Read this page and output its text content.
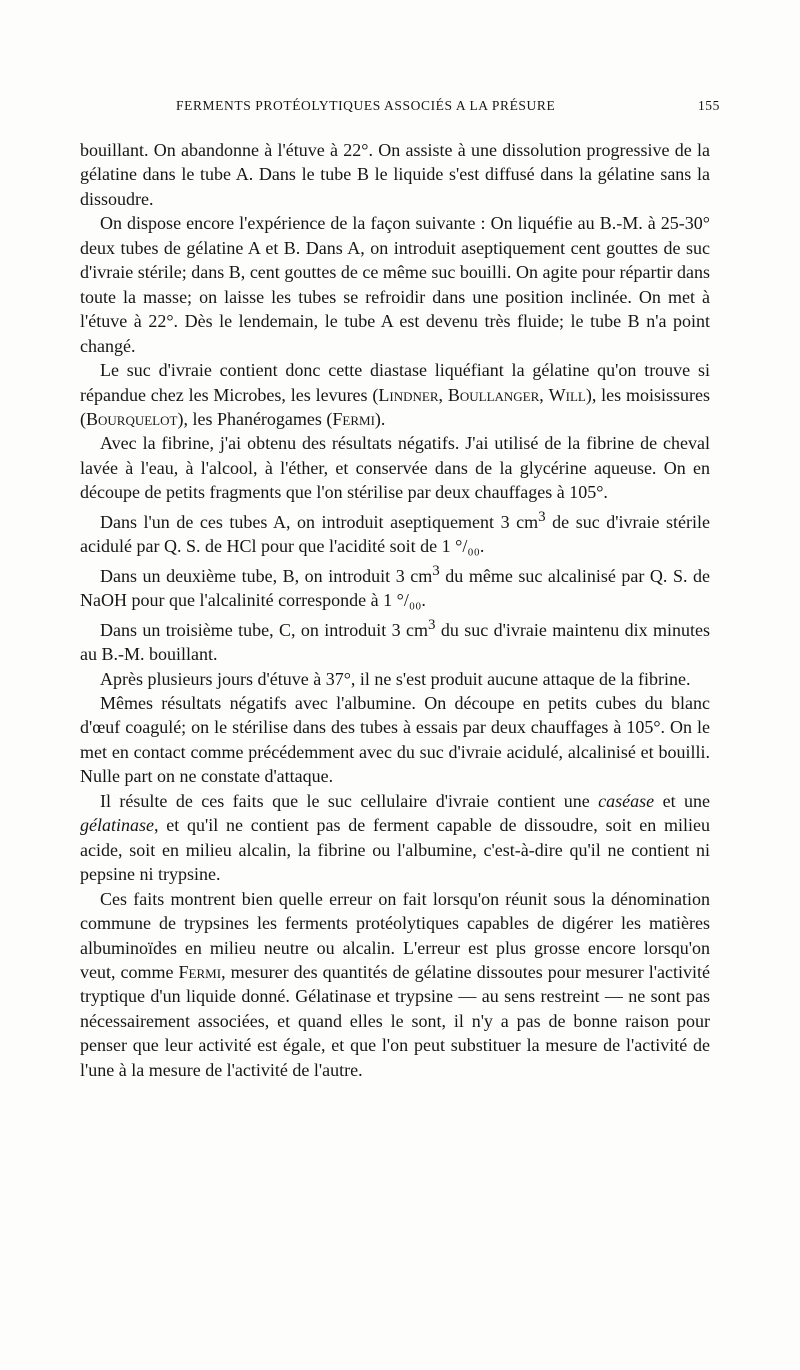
FERMENTS PROTÉOLYTIQUES ASSOCIÉS A LA PRÉSURE	155

bouillant. On abandonne à l'étuve à 22°. On assiste à une dissolution progressive de la gélatine dans le tube A. Dans le tube B le liquide s'est diffusé dans la gélatine sans la dissoudre.

On dispose encore l'expérience de la façon suivante : On liquéfie au B.-M. à 25-30° deux tubes de gélatine A et B. Dans A, on introduit aseptiquement cent gouttes de suc d'ivraie stérile; dans B, cent gouttes de ce même suc bouilli. On agite pour répartir dans toute la masse; on laisse les tubes se refroidir dans une position inclinée. On met à l'étuve à 22°. Dès le lendemain, le tube A est devenu très fluide; le tube B n'a point changé.

Le suc d'ivraie contient donc cette diastase liquéfiant la gélatine qu'on trouve si répandue chez les Microbes, les levures (Lindner, Boullanger, Will), les moisissures (Bourquelot), les Phanérogames (Fermi).

Avec la fibrine, j'ai obtenu des résultats négatifs. J'ai utilisé de la fibrine de cheval lavée à l'eau, à l'alcool, à l'éther, et conservée dans de la glycérine aqueuse. On en découpe de petits fragments que l'on stérilise par deux chauffages à 105°.

Dans l'un de ces tubes A, on introduit aseptiquement 3 $cm^3$ de suc d'ivraie stérile acidulé par Q. S. de HCl pour que l'acidité soit de 1 °/₀₀.

Dans un deuxième tube, B, on introduit 3 $cm^3$ du même suc alcalinisé par Q. S. de NaOH pour que l'alcalinité corresponde à 1 °/₀₀.

Dans un troisième tube, C, on introduit 3 $cm^3$ du suc d'ivraie maintenu dix minutes au B.-M. bouillant.

Après plusieurs jours d'étuve à 37°, il ne s'est produit aucune attaque de la fibrine.

Mêmes résultats négatifs avec l'albumine. On découpe en petits cubes du blanc d'œuf coagulé; on le stérilise dans des tubes à essais par deux chauffages à 105°. On le met en contact comme précédemment avec du suc d'ivraie acidulé, alcalinisé et bouilli. Nulle part on ne constate d'attaque.

Il résulte de ces faits que le suc cellulaire d'ivraie contient une caséase et une gélatinase, et qu'il ne contient pas de ferment capable de dissoudre, soit en milieu acide, soit en milieu alcalin, la fibrine ou l'albumine, c'est-à-dire qu'il ne contient ni pepsine ni trypsine.

Ces faits montrent bien quelle erreur on fait lorsqu'on réunit sous la dénomination commune de trypsines les ferments protéolytiques capables de digérer les matières albuminoïdes en milieu neutre ou alcalin. L'erreur est plus grosse encore lorsqu'on veut, comme Fermi, mesurer des quantités de gélatine dissoutes pour mesurer l'activité tryptique d'un liquide donné. Gélatinase et trypsine — au sens restreint — ne sont pas nécessairement associées, et quand elles le sont, il n'y a pas de bonne raison pour penser que leur activité est égale, et que l'on peut substituer la mesure de l'activité de l'une à la mesure de l'activité de l'autre.
